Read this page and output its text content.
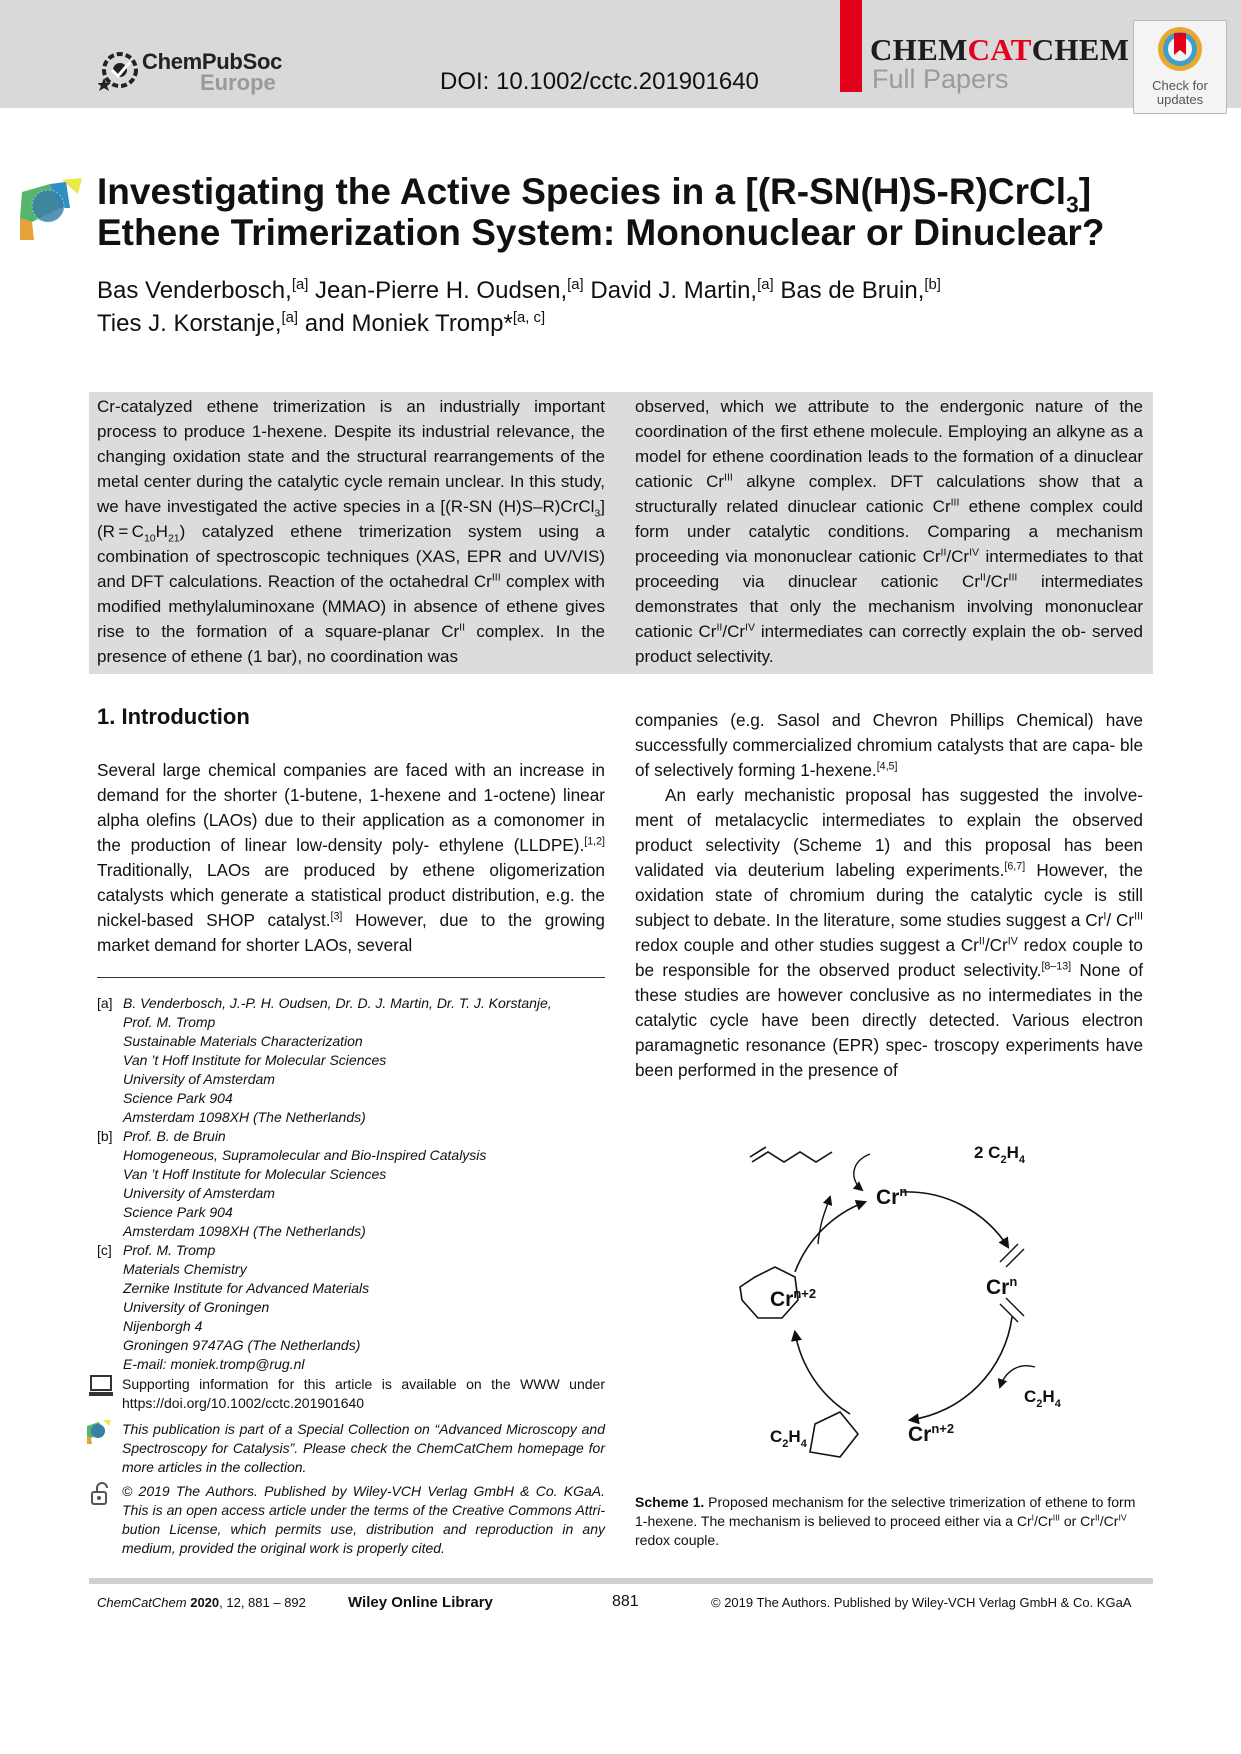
ChemPubSoc
Europe	DOI: 10.1002/cctc.201901640
CHEMCATCHEM
Full Papers	Check for
updates
Investigating the Active Species in a [(R-SN(H)S-R)CrCl$_3$]
Ethene Trimerization System: Mononuclear or Dinuclear?
Bas Venderbosch,[a] Jean-Pierre H. Oudsen,[a] David J. Martin,[a] Bas de Bruin,[b]
Ties J. Korstanje,[a] and Moniek Tromp*[a, c]

Cr-catalyzed ethene trimerization is an industrially important process to produce 1-hexene. Despite its industrial relevance, the changing oxidation state and the structural rearrangements of the metal center during the catalytic cycle remain unclear. In this study, we have investigated the active species in a [(R-SN (H)S–R)CrCl$_3$] $(R = C_{10}H_{21})$ catalyzed ethene trimerization system using a combination of spectroscopic techniques (XAS, EPR and UV/VIS) and DFT calculations. Reaction of the octahedral $Cr^{III}$ complex with modified methylaluminoxane (MMAO) in absence of ethene gives rise to the formation of a square-planar $Cr^{II}$ complex. In the presence of ethene (1 bar), no coordination was

observed, which we attribute to the endergonic nature of the coordination of the first ethene molecule. Employing an alkyne as a model for ethene coordination leads to the formation of a dinuclear cationic $Cr^{III}$ alkyne complex. DFT calculations show that a structurally related dinuclear cationic $Cr^{III}$ ethene complex could form under catalytic conditions. Comparing a mechanism proceeding via mononuclear cationic $Cr^{II}/Cr^{IV}$ intermediates to that proceeding via dinuclear cationic $Cr^{II}/Cr^{III}$ intermediates demonstrates that only the mechanism involving mononuclear cationic $Cr^{II}/Cr^{IV}$ intermediates can correctly explain the ob- served product selectivity.

1. Introduction

Several large chemical companies are faced with an increase in demand for the shorter (1-butene, 1-hexene and 1-octene) linear alpha olefins (LAOs) due to their application as a comonomer in the production of linear low-density poly- ethylene (LLDPE).[1,2] Traditionally, LAOs are produced by ethene oligomerization catalysts which generate a statistical product distribution, e.g. the nickel-based SHOP catalyst.[3] However, due to the growing market demand for shorter LAOs, several

companies (e.g. Sasol and Chevron Phillips Chemical) have successfully commercialized chromium catalysts that are capa- ble of selectively forming 1-hexene.[4,5]

An early mechanistic proposal has suggested the involve- ment of metalacyclic intermediates to explain the observed product selectivity (Scheme 1) and this proposal has been validated via deuterium labeling experiments.[6,7] However, the oxidation state of chromium during the catalytic cycle is still subject to debate. In the literature, some studies suggest a $Cr^I/$ $Cr^{III}$ redox couple and other studies suggest a $Cr^{II}/Cr^{IV}$ redox couple to be responsible for the observed product selectivity.[8–13] None of these studies are however conclusive as no intermediates in the catalytic cycle have been directly detected. Various electron paramagnetic resonance (EPR) spec- troscopy experiments have been performed in the presence of

[a] B. Venderbosch, J.-P. H. Oudsen, Dr. D. J. Martin, Dr. T. J. Korstanje,
Prof. M. Tromp
Sustainable Materials Characterization
Van ’t Hoff Institute for Molecular Sciences
University of Amsterdam
Science Park 904
Amsterdam 1098XH (The Netherlands)
[b] Prof. B. de Bruin
Homogeneous, Supramolecular and Bio-Inspired Catalysis
Van ’t Hoff Institute for Molecular Sciences
University of Amsterdam
Science Park 904
Amsterdam 1098XH (The Netherlands)
[c] Prof. M. Tromp
Materials Chemistry
Zernike Institute for Advanced Materials
University of Groningen
Nijenborgh 4
Groningen 9747AG (The Netherlands)
E-mail: moniek.tromp@rug.nl
Supporting information for this article is available on the WWW under https://doi.org/10.1002/cctc.201901640
This publication is part of a Special Collection on “Advanced Microscopy and Spectroscopy for Catalysis”. Please check the ChemCatChem homepage for more articles in the collection.
© 2019 The Authors. Published by Wiley-VCH Verlag GmbH & Co. KGaA. This is an open access article under the terms of the Creative Commons Attri- bution License, which permits use, distribution and reproduction in any medium, provided the original work is properly cited.
Cr$^n$
Cr$^n$
$Cr^{n+2}$
$Cr^{n+2}$
2 $C_2H_4$
$C_2H_4$
$C_2H_4$
Scheme 1. Proposed mechanism for the selective trimerization of ethene to form 1-hexene. The mechanism is believed to proceed either via a $Cr^I/Cr^{III}$ or $Cr^{II}/Cr^{IV}$ redox couple.
ChemCatChem 2020, 12, 881 – 892	Wiley Online Library	881	© 2019 The Authors. Published by Wiley-VCH Verlag GmbH & Co. KGaA
